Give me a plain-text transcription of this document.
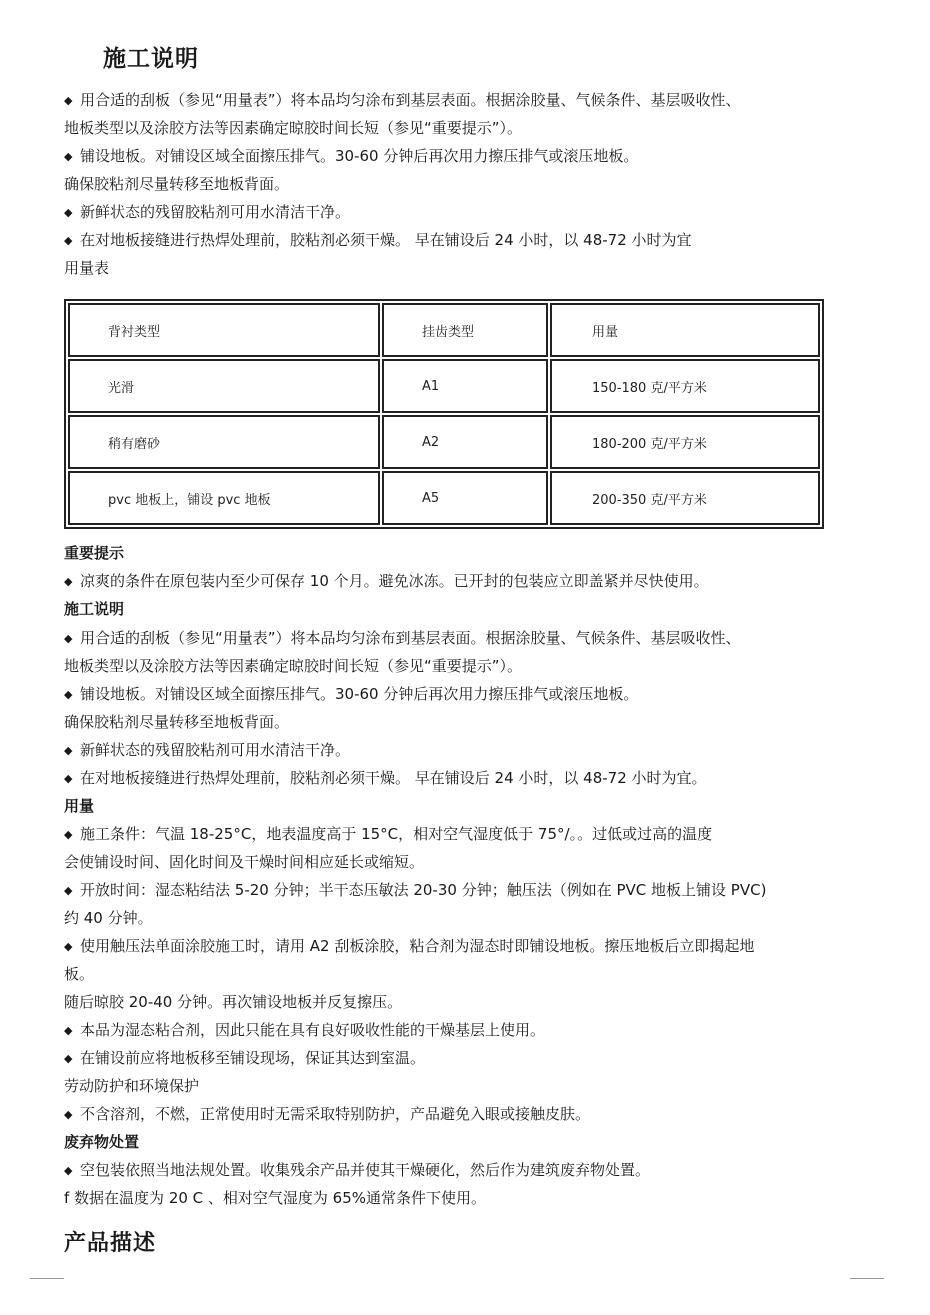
施工说明
◆ 用合适的刮板（参见“用量表”）将本品均匀涂布到基层表面。根据涂胶量、气候条件、基层吸收性、
地板类型以及涂胶方法等因素确定晾胶时间长短（参见“重要提示”）。
◆ 铺设地板。对铺设区域全面擦压排气。30-60 分钟后再次用力擦压排气或滚压地板。
确保胶粘剂尽量转移至地板背面。
◆ 新鲜状态的残留胶粘剂可用水清洁干净。
◆ 在对地板接缝进行热焊处理前，胶粘剂必须干燥。 早在铺设后 24 小时，以 48-72 小时为宜
用量表
背衬类型	挂齿类型	用量
光滑	A1	150-180 克/平方米
稍有磨砂	A2	180-200 克/平方米
pvc 地板上，铺设 pvc 地板	A5	200-350 克/平方米
重要提示
◆ 凉爽的条件在原包装内至少可保存 10 个月。避免冰冻。已开封的包装应立即盖紧并尽快使用。
施工说明
◆ 用合适的刮板（参见“用量表”）将本品均匀涂布到基层表面。根据涂胶量、气候条件、基层吸收性、
地板类型以及涂胶方法等因素确定晾胶时间长短（参见“重要提示”）。
◆ 铺设地板。对铺设区域全面擦压排气。30-60 分钟后再次用力擦压排气或滚压地板。
确保胶粘剂尽量转移至地板背面。
◆ 新鲜状态的残留胶粘剂可用水清洁干净。
◆ 在对地板接缝进行热焊处理前，胶粘剂必须干燥。 早在铺设后 24 小时，以 48-72 小时为宜。
用量
◆ 施工条件：气温 18-25°C，地表温度高于 15°C，相对空气湿度低于 75°/。。过低或过高的温度
会使铺设时间、固化时间及干燥时间相应延长或缩短。
◆ 开放时间：湿态粘结法 5-20 分钟；半干态压敏法 20-30 分钟；触压法（例如在 PVC 地板上铺设 PVC)
约 40 分钟。
◆ 使用触压法单面涂胶施工时，请用 A2 刮板涂胶，粘合剂为湿态时即铺设地板。擦压地板后立即揭起地
板。
随后晾胶 20-40 分钟。再次铺设地板并反复擦压。
◆ 本品为湿态粘合剂，因此只能在具有良好吸收性能的干燥基层上使用。
◆ 在铺设前应将地板移至铺设现场，保证其达到室温。
劳动防护和环境保护
◆ 不含溶剂，不燃，正常使用时无需采取特别防护，产品避免入眼或接触皮肤。
废弃物处置
◆ 空包装依照当地法规处置。收集残余产品并使其干燥硬化，然后作为建筑废弃物处置。
f 数据在温度为 20 C 、相对空气湿度为 65%通常条件下使用。
产品描述
